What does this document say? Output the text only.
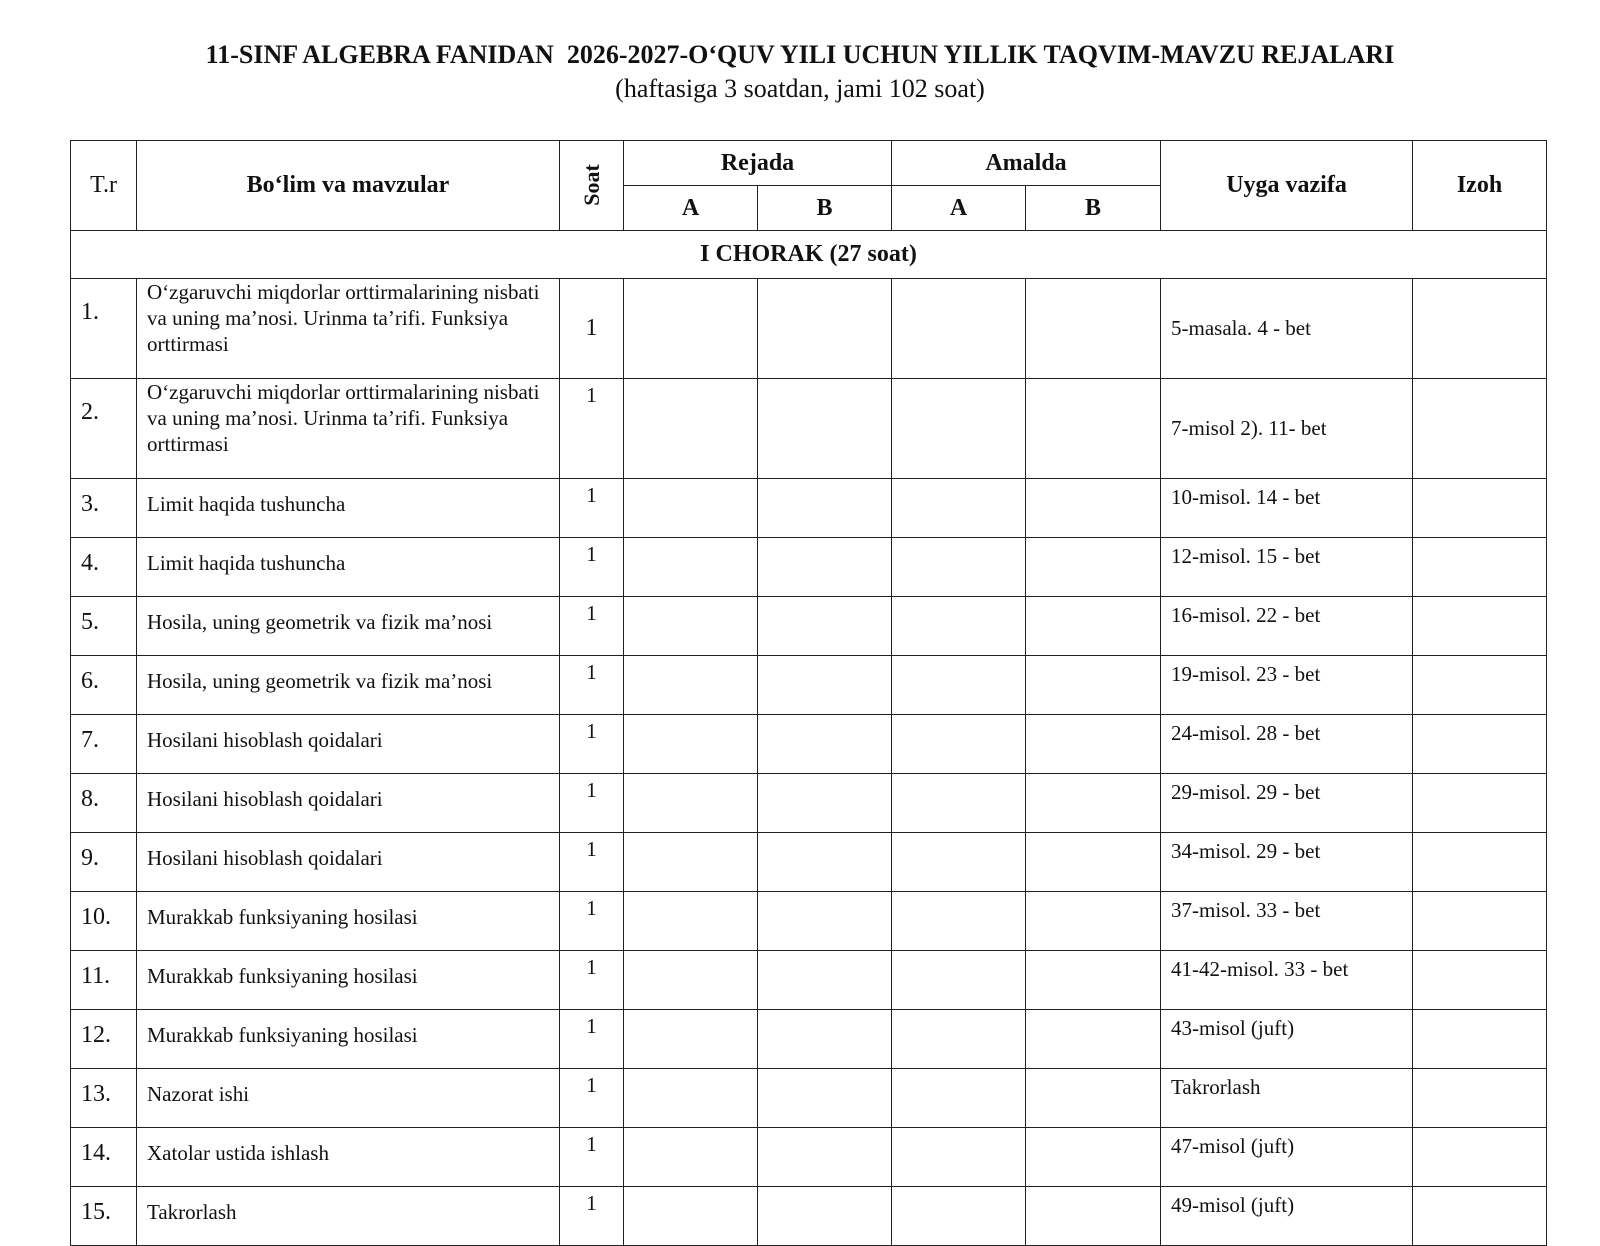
11-SINF ALGEBRA FANIDAN  2026-2027-O‘QUV YILI UCHUN YILLIK TAQVIM-MAVZU REJALARI
(haftasiga 3 soatdan, jami 102 soat)
T.r	Bo‘lim va mavzular	Soat	Rejada		Amalda		Uyga vazifa	Izoh
			A	B	A	B		
I CHORAK (27 soat)								
1.	O‘zgaruvchi miqdorlar orttirmalarining nisbati va uning ma’nosi. Urinma ta’rifi. Funksiya orttirmasi	1					5-masala. 4 - bet	
2.	O‘zgaruvchi miqdorlar orttirmalarining nisbati va uning ma’nosi. Urinma ta’rifi. Funksiya orttirmasi	1					7-misol 2). 11- bet	
3.	Limit haqida tushuncha	1					10-misol. 14 - bet	
4.	Limit haqida tushuncha	1					12-misol. 15 - bet	
5.	Hosila, uning geometrik va fizik ma’nosi	1					16-misol. 22 - bet	
6.	Hosila, uning geometrik va fizik ma’nosi	1					19-misol. 23 - bet	
7.	Hosilani hisoblash qoidalari	1					24-misol. 28 - bet	
8.	Hosilani hisoblash qoidalari	1					29-misol. 29 - bet	
9.	Hosilani hisoblash qoidalari	1					34-misol. 29 - bet	
10.	Murakkab funksiyaning hosilasi	1					37-misol. 33 - bet	
11.	Murakkab funksiyaning hosilasi	1					41-42-misol. 33 - bet	
12.	Murakkab funksiyaning hosilasi	1					43-misol (juft)	
13.	Nazorat ishi	1					Takrorlash	
14.	Xatolar ustida ishlash	1					47-misol (juft)	
15.	Takrorlash	1					49-misol (juft)	
